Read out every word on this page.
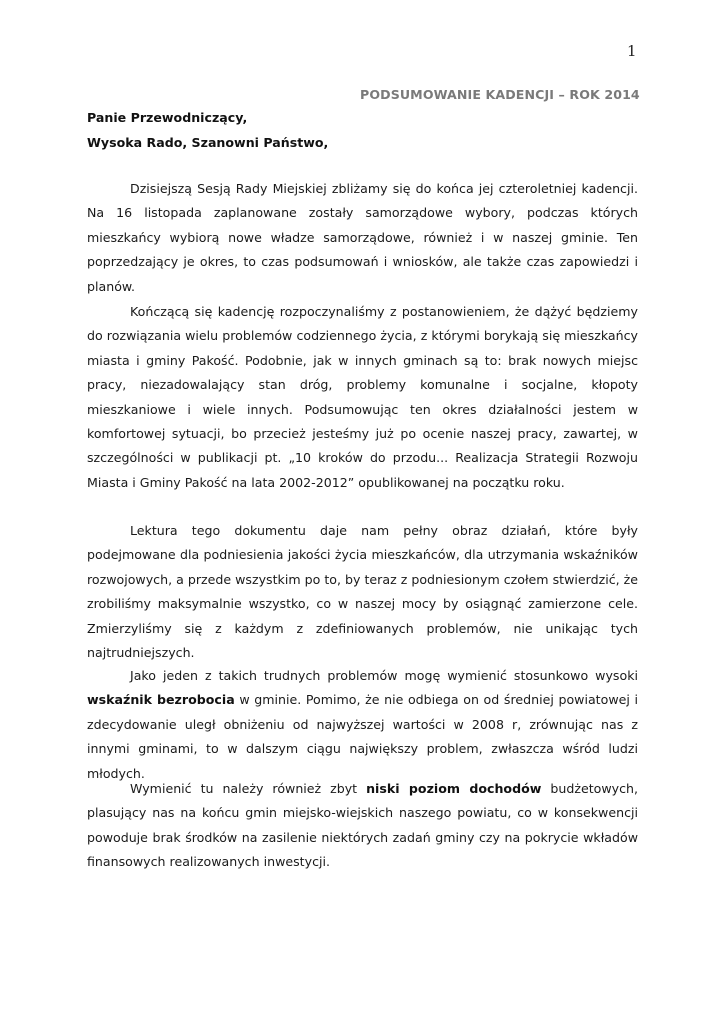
1
PODSUMOWANIE KADENCJI – ROK 2014
Panie Przewodniczący,
Wysoka Rado, Szanowni Państwo,

Dzisiejszą Sesją Rady Miejskiej zbliżamy się do końca jej czteroletniej kadencji. Na 16 listopada zaplanowane zostały samorządowe wybory, podczas których mieszkańcy wybiorą nowe władze samorządowe, również i w naszej gminie. Ten poprzedzający je okres, to czas podsumowań i wniosków, ale także czas zapowiedzi i planów.

Kończącą się kadencję rozpoczynaliśmy z postanowieniem, że dążyć będziemy do rozwiązania wielu problemów codziennego życia, z którymi borykają się mieszkańcy miasta i gminy Pakość. Podobnie, jak w innych gminach są to: brak nowych miejsc pracy, niezadowalający stan dróg, problemy komunalne i socjalne, kłopoty mieszkaniowe i wiele innych. Podsumowując ten okres działalności jestem w komfortowej sytuacji, bo przecież jesteśmy już po ocenie naszej pracy, zawartej, w szczególności w publikacji pt. „10 kroków do przodu... Realizacja Strategii Rozwoju Miasta i Gminy Pakość na lata 2002-2012” opublikowanej na początku roku.

Lektura tego dokumentu daje nam pełny obraz działań, które były podejmowane dla podniesienia jakości życia mieszkańców, dla utrzymania wskaźników rozwojowych, a przede wszystkim po to, by teraz z podniesionym czołem stwierdzić, że zrobiliśmy maksymalnie wszystko, co w naszej mocy by osiągnąć zamierzone cele. Zmierzyliśmy się z każdym z zdefiniowanych problemów, nie unikając tych najtrudniejszych.

Jako jeden z takich trudnych problemów mogę wymienić stosunkowo wysoki wskaźnik bezrobocia w gminie. Pomimo, że nie odbiega on od średniej powiatowej i zdecydowanie uległ obniżeniu od najwyższej wartości w 2008 r, zrównując nas z innymi gminami, to w dalszym ciągu największy problem, zwłaszcza wśród ludzi młodych.

Wymienić tu należy również zbyt niski poziom dochodów budżetowych, plasujący nas na końcu gmin miejsko-wiejskich naszego powiatu, co w konsekwencji powoduje brak środków na zasilenie niektórych zadań gminy czy na pokrycie wkładów finansowych realizowanych inwestycji.
